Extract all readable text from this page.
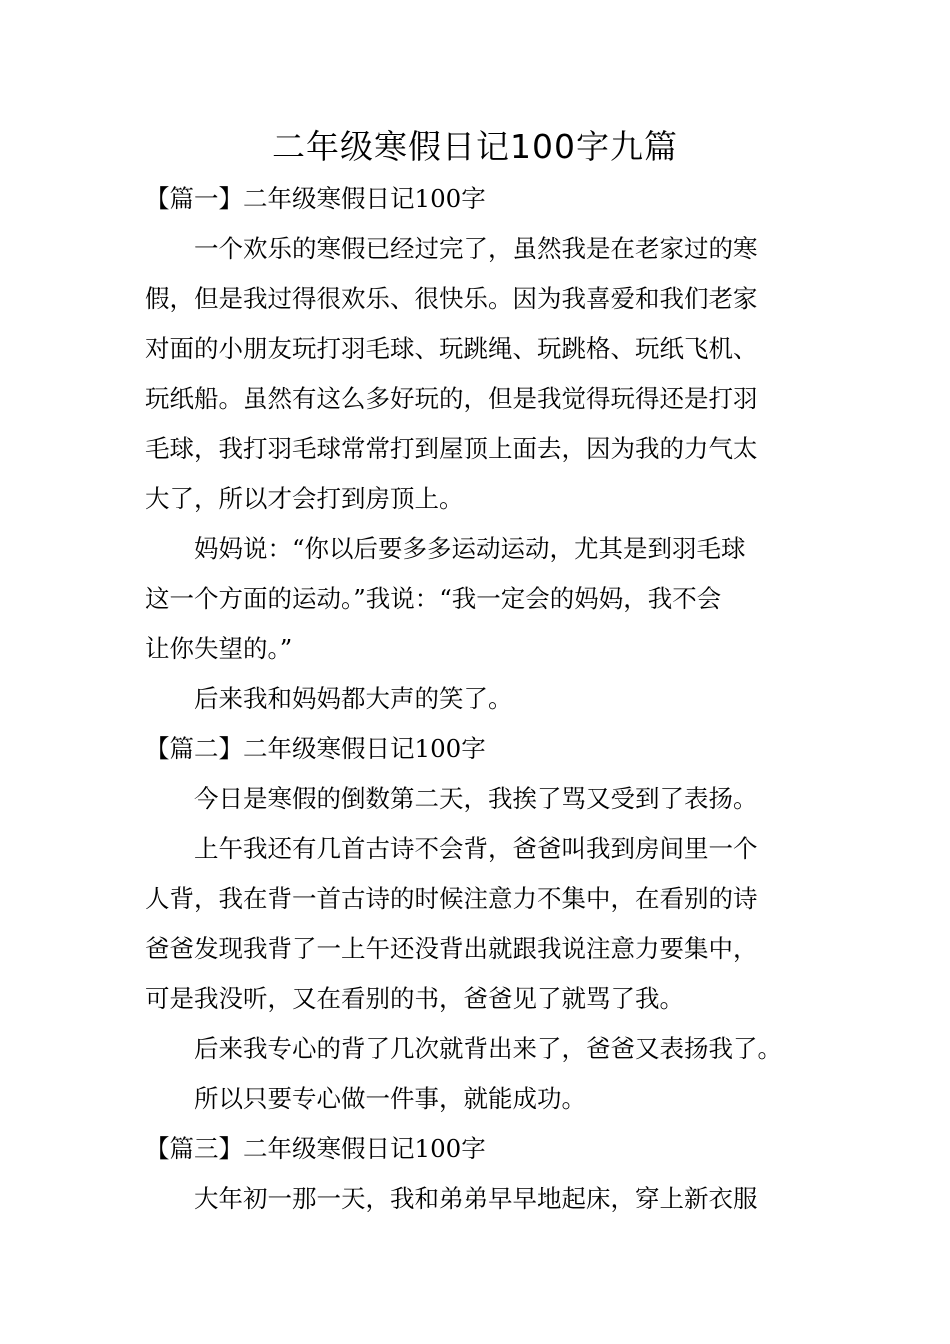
二年级寒假日记100字九篇

【篇一】二年级寒假日记100字

一个欢乐的寒假已经过完了，虽然我是在老家过的寒

假，但是我过得很欢乐、很快乐。因为我喜爱和我们老家

对面的小朋友玩打羽毛球、玩跳绳、玩跳格、玩纸飞机、

玩纸船。虽然有这么多好玩的，但是我觉得玩得还是打羽

毛球，我打羽毛球常常打到屋顶上面去，因为我的力气太

大了，所以才会打到房顶上。

妈妈说：“你以后要多多运动运动，尤其是到羽毛球

这一个方面的运动。”我说：“我一定会的妈妈，我不会

让你失望的。”

后来我和妈妈都大声的笑了。

【篇二】二年级寒假日记100字

今日是寒假的倒数第二天，我挨了骂又受到了表扬。

上午我还有几首古诗不会背，爸爸叫我到房间里一个

人背，我在背一首古诗的时候注意力不集中，在看别的诗

爸爸发现我背了一上午还没背出就跟我说注意力要集中，

可是我没听，又在看别的书，爸爸见了就骂了我。

后来我专心的背了几次就背出来了，爸爸又表扬我了。

所以只要专心做一件事，就能成功。

【篇三】二年级寒假日记100字

大年初一那一天，我和弟弟早早地起床，穿上新衣服
